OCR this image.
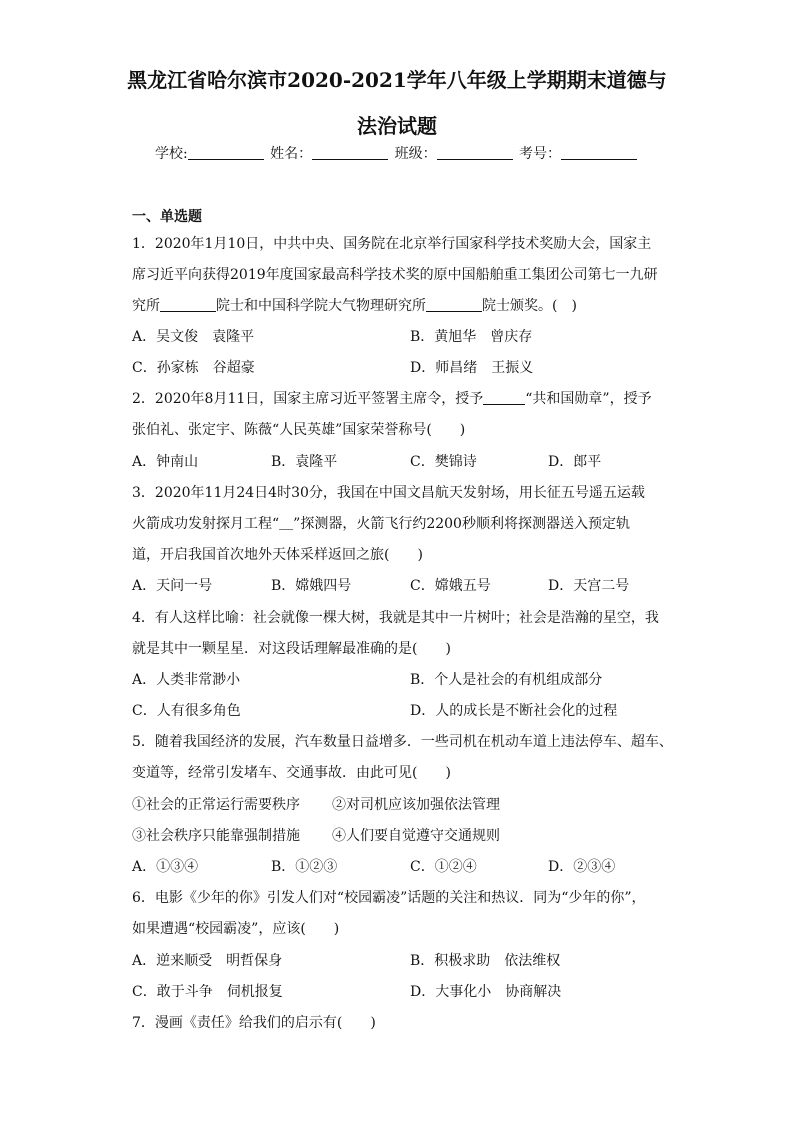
黑龙江省哈尔滨市2020-2021学年八年级上学期期末道德与
法治试题
学校:	姓名：	班级：	考号：
一、单选题
1．2020年1月10日，中共中央、国务院在北京举行国家科学技术奖励大会，国家主
席习近平向获得2019年度国家最高科学技术奖的原中国船舶重工集团公司第七一九研
究所	院士和中国科学院大气物理研究所	院士颁奖。(　)
A．吴文俊　袁隆平	B．黄旭华　曾庆存
C．孙家栋　谷超豪	D．师昌绪　王振义
2．2020年8月11日，国家主席习近平签署主席令，授予	“共和国勋章”，授予
张伯礼、张定宇、陈薇“人民英雄”国家荣誉称号(　　)
A．钟南山	B．袁隆平	C．樊锦诗	D．郎平
3．2020年11月24日4时30分，我国在中国文昌航天发射场，用长征五号遥五运载
火箭成功发射探月工程“＿”探测器，火箭飞行约2200秒顺利将探测器送入预定轨
道，开启我国首次地外天体采样返回之旅(　　)
A．天问一号	B．嫦娥四号	C．嫦娥五号	D．天宫二号
4．有人这样比喻：社会就像一棵大树，我就是其中一片树叶；社会是浩瀚的星空，我
就是其中一颗星星．对这段话理解最准确的是(　　)
A．人类非常渺小	B．个人是社会的有机组成部分
C．人有很多角色	D．人的成长是不断社会化的过程
5．随着我国经济的发展，汽车数量日益增多．一些司机在机动车道上违法停车、超车、
变道等，经常引发堵车、交通事故．由此可见(　　)
①社会的正常运行需要秩序 ②对司机应该加强依法管理
③社会秩序只能靠强制措施 ④人们要自觉遵守交通规则
A．①③④	B．①②③	C．①②④	D．②③④
6．电影《少年的你》引发人们对“校园霸凌”话题的关注和热议．同为“少年的你”，
如果遭遇“校园霸凌”，应该(　　)
A．逆来顺受　明哲保身	B．积极求助　依法维权
C．敢于斗争　伺机报复	D．大事化小　协商解决
7．漫画《责任》给我们的启示有(　　)
